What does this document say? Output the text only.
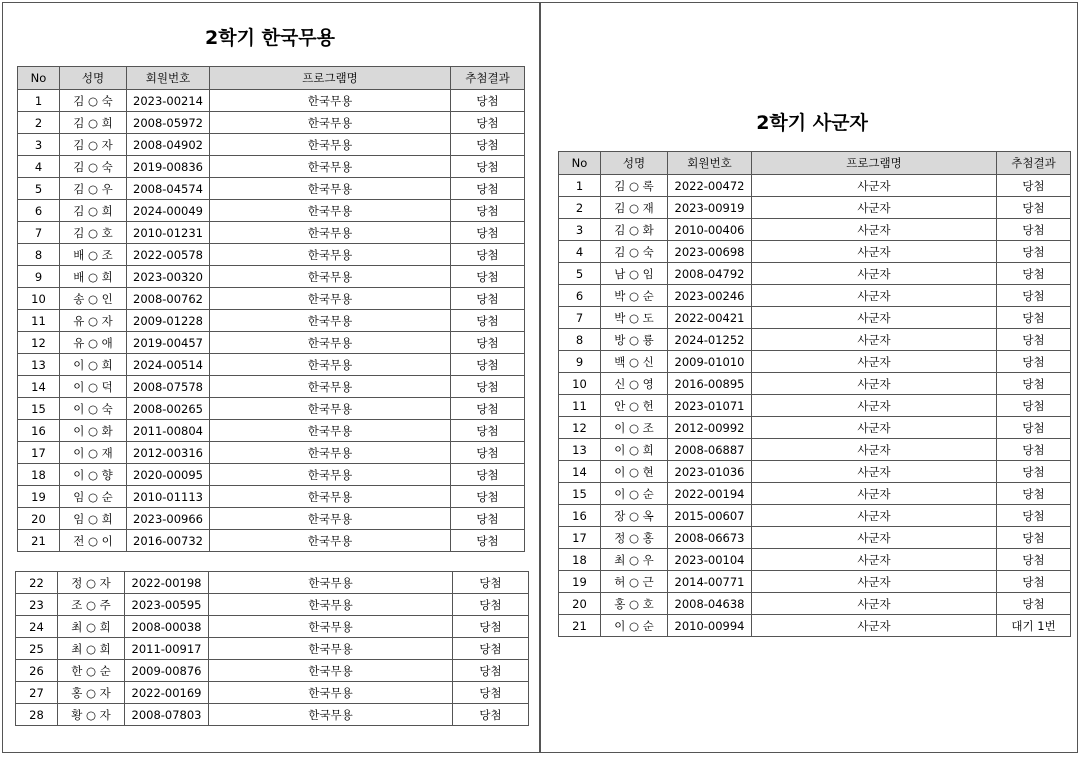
2학기 한국무용
2학기 사군자
No	성명	회원번호	프로그램명	추첨결과
1	김 ○ 숙	2023-00214	한국무용	당첨
2	김 ○ 희	2008-05972	한국무용	당첨
3	김 ○ 자	2008-04902	한국무용	당첨
4	김 ○ 숙	2019-00836	한국무용	당첨
5	김 ○ 우	2008-04574	한국무용	당첨
6	김 ○ 희	2024-00049	한국무용	당첨
7	김 ○ 호	2010-01231	한국무용	당첨
8	배 ○ 조	2022-00578	한국무용	당첨
9	배 ○ 희	2023-00320	한국무용	당첨
10	송 ○ 인	2008-00762	한국무용	당첨
11	유 ○ 자	2009-01228	한국무용	당첨
12	유 ○ 애	2019-00457	한국무용	당첨
13	이 ○ 희	2024-00514	한국무용	당첨
14	이 ○ 덕	2008-07578	한국무용	당첨
15	이 ○ 숙	2008-00265	한국무용	당첨
16	이 ○ 화	2011-00804	한국무용	당첨
17	이 ○ 재	2012-00316	한국무용	당첨
18	이 ○ 향	2020-00095	한국무용	당첨
19	임 ○ 순	2010-01113	한국무용	당첨
20	임 ○ 희	2023-00966	한국무용	당첨
21	전 ○ 이	2016-00732	한국무용	당첨
22	정 ○ 자	2022-00198	한국무용	당첨
23	조 ○ 주	2023-00595	한국무용	당첨
24	최 ○ 희	2008-00038	한국무용	당첨
25	최 ○ 희	2011-00917	한국무용	당첨
26	한 ○ 순	2009-00876	한국무용	당첨
27	홍 ○ 자	2022-00169	한국무용	당첨
28	황 ○ 자	2008-07803	한국무용	당첨
No	성명	회원번호	프로그램명	추첨결과
1	김 ○ 록	2022-00472	사군자	당첨
2	김 ○ 재	2023-00919	사군자	당첨
3	김 ○ 화	2010-00406	사군자	당첨
4	김 ○ 숙	2023-00698	사군자	당첨
5	남 ○ 임	2008-04792	사군자	당첨
6	박 ○ 순	2023-00246	사군자	당첨
7	박 ○ 도	2022-00421	사군자	당첨
8	방 ○ 룡	2024-01252	사군자	당첨
9	백 ○ 신	2009-01010	사군자	당첨
10	신 ○ 영	2016-00895	사군자	당첨
11	안 ○ 헌	2023-01071	사군자	당첨
12	이 ○ 조	2012-00992	사군자	당첨
13	이 ○ 희	2008-06887	사군자	당첨
14	이 ○ 현	2023-01036	사군자	당첨
15	이 ○ 순	2022-00194	사군자	당첨
16	장 ○ 옥	2015-00607	사군자	당첨
17	정 ○ 홍	2008-06673	사군자	당첨
18	최 ○ 우	2023-00104	사군자	당첨
19	허 ○ 근	2014-00771	사군자	당첨
20	홍 ○ 호	2008-04638	사군자	당첨
21	이 ○ 순	2010-00994	사군자	대기 1번
